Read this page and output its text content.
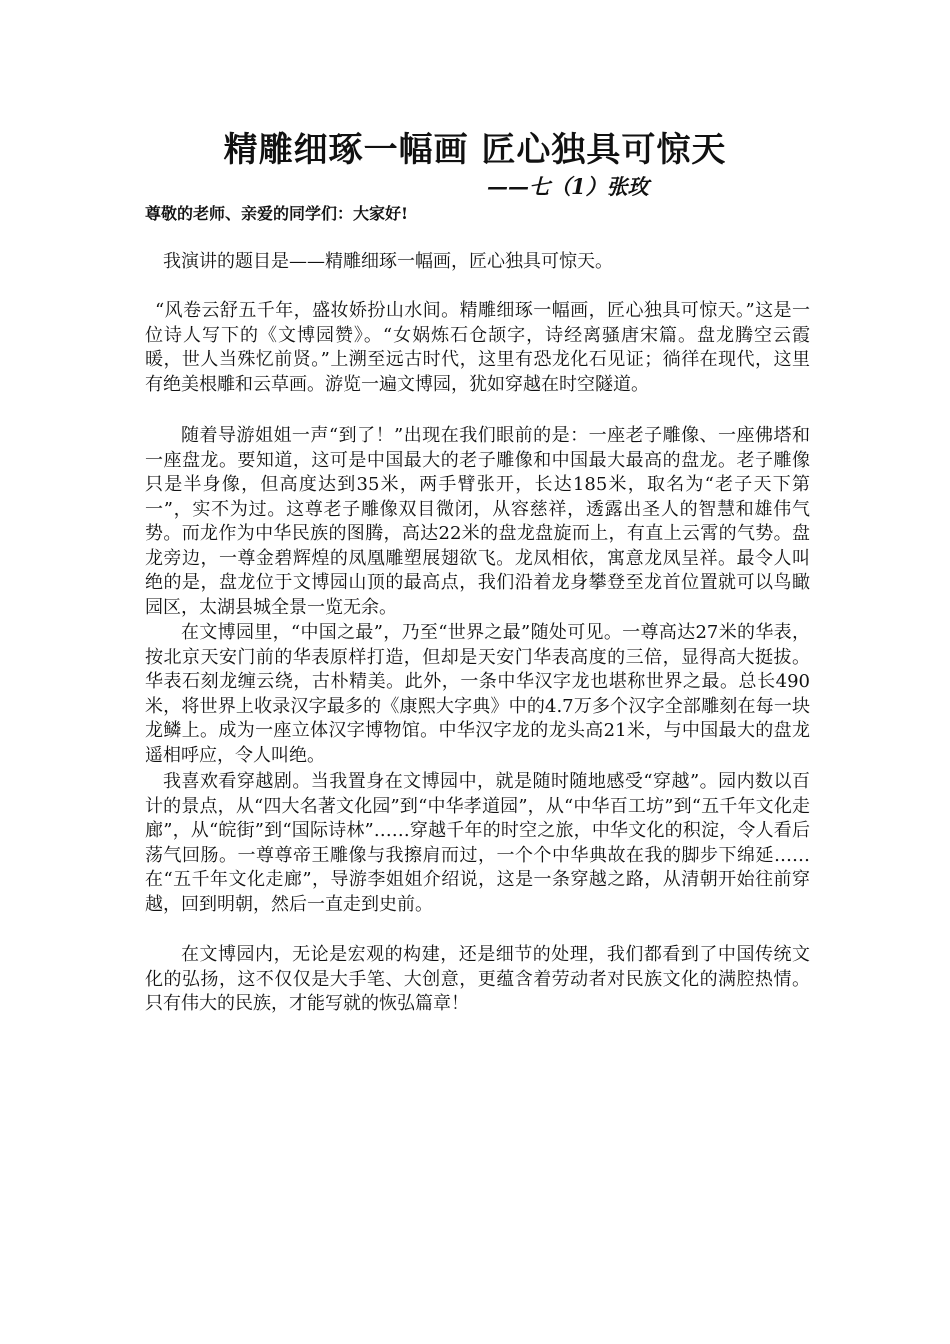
精雕细琢一幅画 匠心独具可惊天
——七（1）张玫
尊敬的老师、亲爱的同学们：大家好!

我演讲的题目是——精雕细琢一幅画，匠心独具可惊天。

“风卷云舒五千年，盛妆娇扮山水间。精雕细琢一幅画，匠心独具可惊天。”这是一位诗人写下的《文博园赞》。“女娲炼石仓颉字，诗经离骚唐宋篇。盘龙腾空云霞暖，世人当殊忆前贤。”上溯至远古时代，这里有恐龙化石见证；徜徉在现代，这里有绝美根雕和云草画。游览一遍文博园，犹如穿越在时空隧道。

随着导游姐姐一声“到了！”出现在我们眼前的是：一座老子雕像、一座佛塔和一座盘龙。要知道，这可是中国最大的老子雕像和中国最大最高的盘龙。老子雕像只是半身像，但高度达到35米，两手臂张开，长达185米，取名为“老子天下第一”，实不为过。这尊老子雕像双目微闭，从容慈祥，透露出圣人的智慧和雄伟气势。而龙作为中华民族的图腾，高达22米的盘龙盘旋而上，有直上云霄的气势。盘龙旁边，一尊金碧辉煌的凤凰雕塑展翅欲飞。龙凤相依，寓意龙凤呈祥。最令人叫绝的是，盘龙位于文博园山顶的最高点，我们沿着龙身攀登至龙首位置就可以鸟瞰园区，太湖县城全景一览无余。

在文博园里，“中国之最”，乃至“世界之最”随处可见。一尊高达27米的华表，按北京天安门前的华表原样打造，但却是天安门华表高度的三倍，显得高大挺拔。华表石刻龙缠云绕，古朴精美。此外，一条中华汉字龙也堪称世界之最。总长490米，将世界上收录汉字最多的《康熙大字典》中的4.7万多个汉字全部雕刻在每一块龙鳞上。成为一座立体汉字博物馆。中华汉字龙的龙头高21米，与中国最大的盘龙遥相呼应，令人叫绝。

我喜欢看穿越剧。当我置身在文博园中，就是随时随地感受“穿越”。园内数以百计的景点，从“四大名著文化园”到“中华孝道园”，从“中华百工坊”到“五千年文化走廊”，从“皖街”到“国际诗林”……穿越千年的时空之旅，中华文化的积淀，令人看后荡气回肠。一尊尊帝王雕像与我擦肩而过，一个个中华典故在我的脚步下绵延……在“五千年文化走廊”，导游李姐姐介绍说，这是一条穿越之路，从清朝开始往前穿越，回到明朝，然后一直走到史前。

在文博园内，无论是宏观的构建，还是细节的处理，我们都看到了中国传统文化的弘扬，这不仅仅是大手笔、大创意，更蕴含着劳动者对民族文化的满腔热情。只有伟大的民族，才能写就的恢弘篇章！
